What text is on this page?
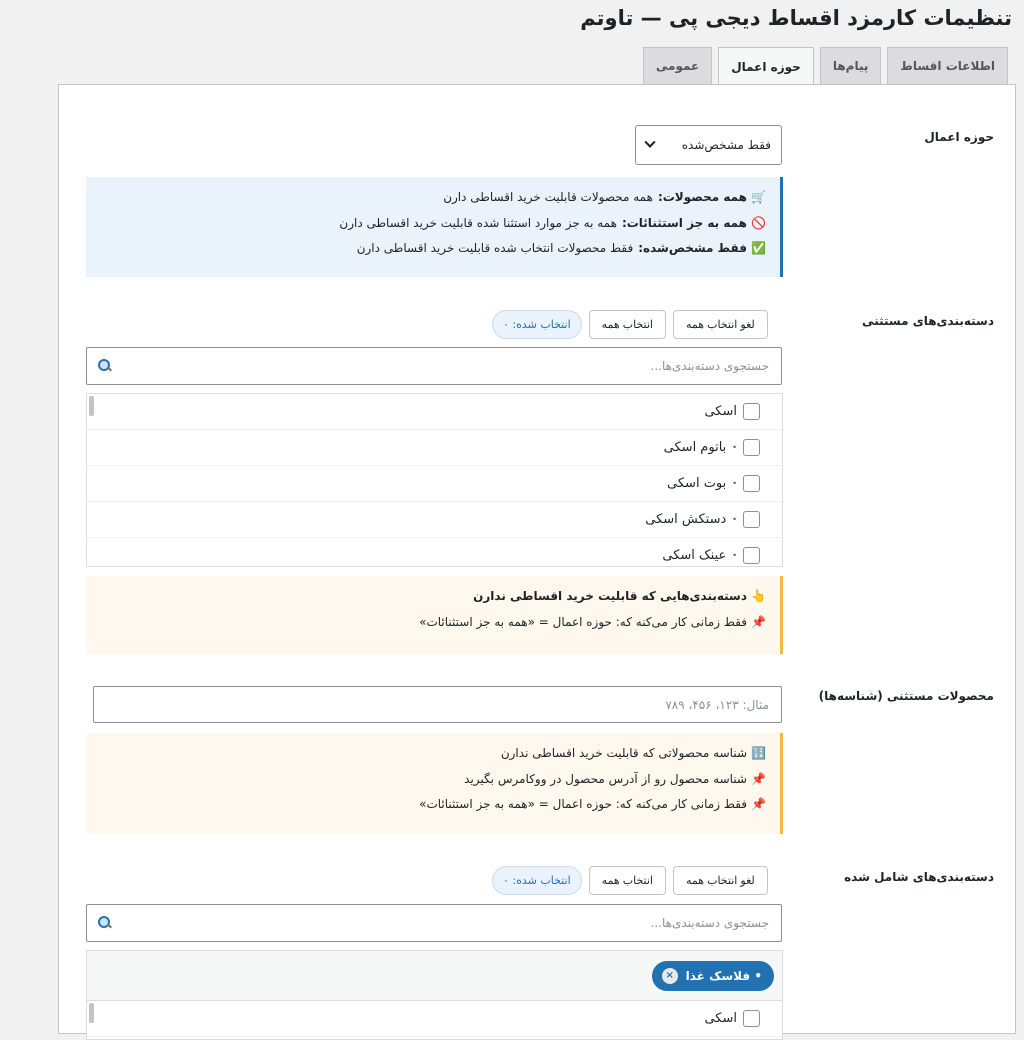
تنظیمات کارمزد اقساط دیجی پی — تاوتم
عمومی	حوزه اعمال	پیام‌ها	اطلاعات اقساط
حوزه اعمال
فقط مشخص‌شده
🛒
همه محصولات:
همه محصولات قابلیت خرید اقساطی دارن
🚫
همه به جز استثنائات:
همه به جز موارد استثنا شده قابلیت خرید اقساطی دارن
✅
فقط مشخص‌شده:
فقط محصولات انتخاب شده قابلیت خرید اقساطی دارن
دسته‌بندی‌های مستثنی
انتخاب شده: ۰	انتخاب همه	لغو انتخاب همه
جستجوی دسته‌بندی‌ها...
اسکی
•
باتوم اسکی
•
بوت اسکی
•
دستکش اسکی
•
عینک اسکی
👆
دسته‌بندی‌هایی که قابلیت خرید اقساطی ندارن
📌
فقط زمانی کار می‌کنه که: حوزه اعمال = «همه به جز استثنائات»
محصولات مستثنی (شناسه‌ها)
مثال: ۱۲۳، ۴۵۶، ۷۸۹
🔢
شناسه محصولاتی که قابلیت خرید اقساطی ندارن
📌
شناسه محصول رو از آدرس محصول در ووکامرس بگیرید
📌
فقط زمانی کار می‌کنه که: حوزه اعمال = «همه به جز استثنائات»
دسته‌بندی‌های شامل شده
انتخاب شده: ۰	انتخاب همه	لغو انتخاب همه
جستجوی دسته‌بندی‌ها...
• فلاسک غذا
×
اسکی
